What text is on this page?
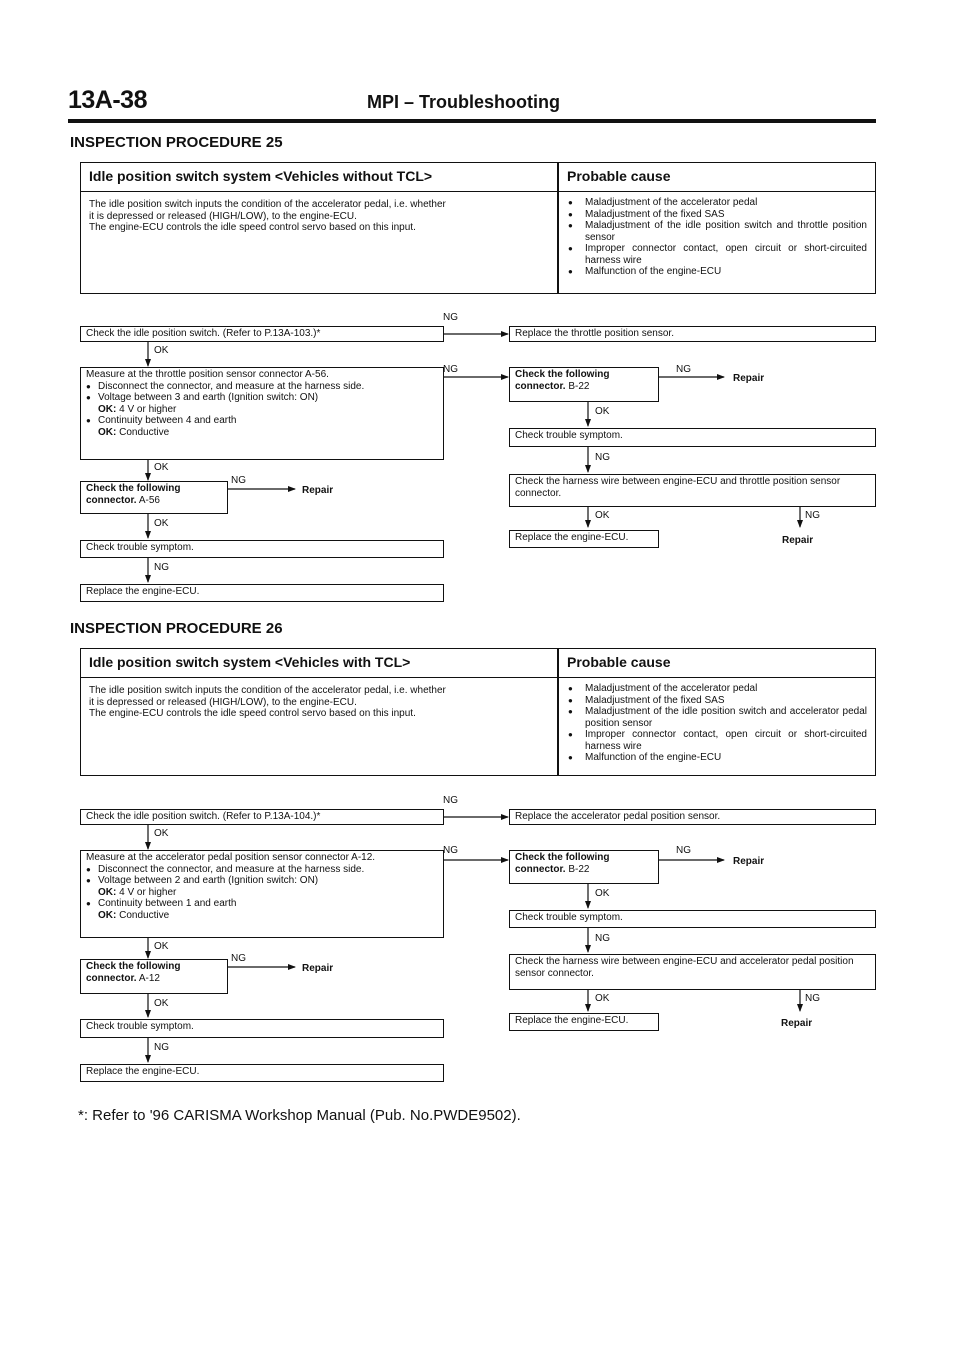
13A-38	MPI – Troubleshooting
INSPECTION PROCEDURE 25
Idle position switch system <Vehicles without TCL>	Probable cause
The idle position switch inputs the condition of the accelerator pedal, i.e. whether
it is depressed or released (HIGH/LOW), to the engine-ECU.
The engine-ECU controls the idle speed control servo based on this input.
● Maladjustment of the accelerator pedal
● Maladjustment of the fixed SAS
● Maladjustment of the idle position switch and throttle position sensor
● Improper connector contact, open circuit or short-circuited harness wire
● Malfunction of the engine-ECU
Check the idle position switch. (Refer to P.13A-103.)*
NG
Replace the throttle position sensor.
OK
Measure at the throttle position sensor connector A-56.
● Disconnect the connector, and measure at the harness side.
● Voltage between 3 and earth (Ignition switch: ON)
OK: 4 V or higher
● Continuity between 4 and earth
OK: Conductive
NG	Check the following connector. B-22
NG
Repair
OK
Check trouble symptom.
NG
Check the harness wire between engine-ECU and throttle position sensor connector.
OK	NG
Replace the engine-ECU.	Repair
OK
Check the following connector. A-56
NG
Repair
OK
Check trouble symptom.
NG
Replace the engine-ECU.
INSPECTION PROCEDURE 26
Idle position switch system <Vehicles with TCL>	Probable cause
The idle position switch inputs the condition of the accelerator pedal, i.e. whether
it is depressed or released (HIGH/LOW), to the engine-ECU.
The engine-ECU controls the idle speed control servo based on this input.
● Maladjustment of the accelerator pedal
● Maladjustment of the fixed SAS
● Maladjustment of the idle position switch and accelerator pedal position sensor
● Improper connector contact, open circuit or short-circuited harness wire
● Malfunction of the engine-ECU
Check the idle position switch. (Refer to P.13A-104.)*
NG
Replace the accelerator pedal position sensor.
OK
Measure at the accelerator pedal position sensor connector A-12.
● Disconnect the connector, and measure at the harness side.
● Voltage between 2 and earth (Ignition switch: ON)
OK: 4 V or higher
● Continuity between 1 and earth
OK: Conductive
NG
Check the following connector. B-22
NG
Repair
OK
Check trouble symptom.
NG
Check the harness wire between engine-ECU and accelerator pedal position sensor connector.
OK	NG
Replace the engine-ECU.	Repair
OK
Check the following connector. A-12
NG
Repair
OK
Check trouble symptom.
NG
Replace the engine-ECU.
*: Refer to '96 CARISMA Workshop Manual (Pub. No.PWDE9502).
